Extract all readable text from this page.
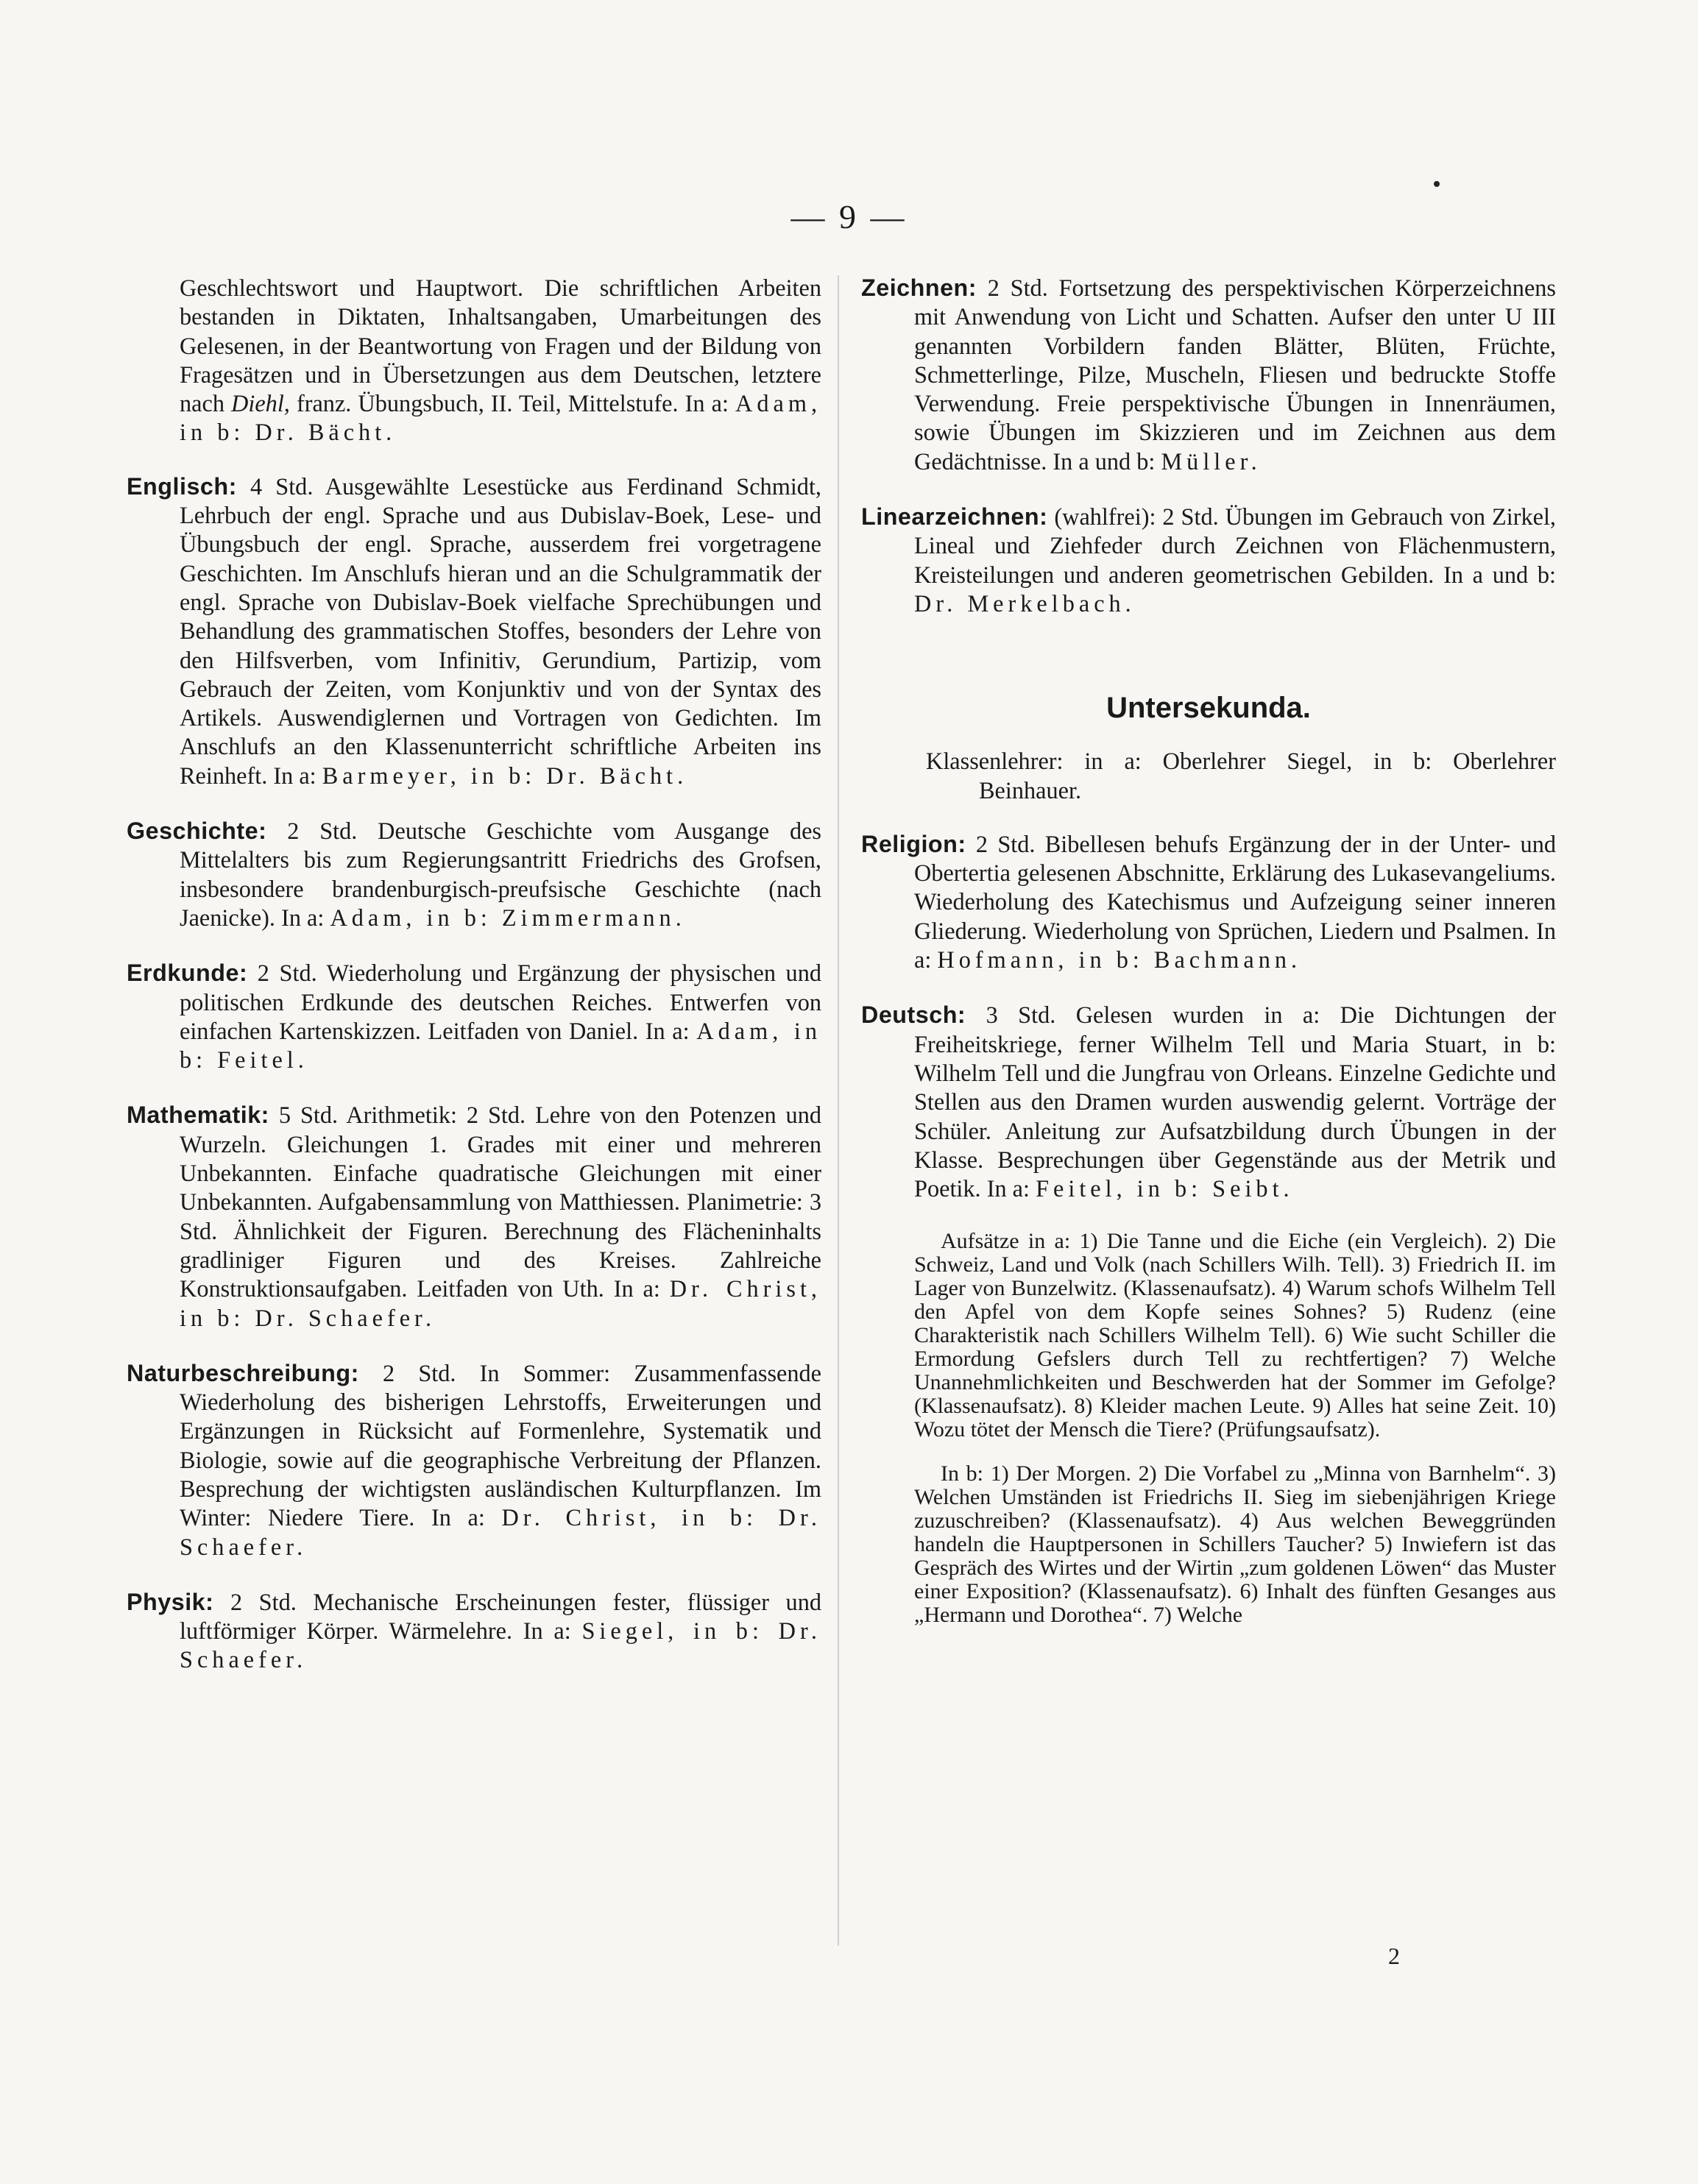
— 9 —

Geschlechtswort und Hauptwort. Die schriftlichen Arbeiten bestanden in Diktaten, Inhaltsangaben, Umarbeitungen des Gelesenen, in der Beantwortung von Fragen und der Bildung von Fragesätzen und in Übersetzungen aus dem Deutschen, letztere nach Diehl, franz. Übungsbuch, II. Teil, Mittelstufe. In a: Adam, in b: Dr. Bächt.

Englisch: 4 Std. Ausgewählte Lesestücke aus Ferdinand Schmidt, Lehrbuch der engl. Sprache und aus Dubislav-Boek, Lese- und Übungsbuch der engl. Sprache, ausserdem frei vorgetragene Geschichten. Im Anschlufs hieran und an die Schulgrammatik der engl. Sprache von Dubislav-Boek vielfache Sprechübungen und Behandlung des grammatischen Stoffes, besonders der Lehre von den Hilfsverben, vom Infinitiv, Gerundium, Partizip, vom Gebrauch der Zeiten, vom Konjunktiv und von der Syntax des Artikels. Auswendiglernen und Vortragen von Gedichten. Im Anschlufs an den Klassenunterricht schriftliche Arbeiten ins Reinheft. In a: Barmeyer, in b: Dr. Bächt.

Geschichte: 2 Std. Deutsche Geschichte vom Ausgange des Mittelalters bis zum Regierungsantritt Friedrichs des Grofsen, insbesondere brandenburgisch-preufsische Geschichte (nach Jaenicke). In a: Adam, in b: Zimmermann.

Erdkunde: 2 Std. Wiederholung und Ergänzung der physischen und politischen Erdkunde des deutschen Reiches. Entwerfen von einfachen Kartenskizzen. Leitfaden von Daniel. In a: Adam, in b: Feitel.

Mathematik: 5 Std. Arithmetik: 2 Std. Lehre von den Potenzen und Wurzeln. Gleichungen 1. Grades mit einer und mehreren Unbekannten. Einfache quadratische Gleichungen mit einer Unbekannten. Aufgabensammlung von Matthiessen. Planimetrie: 3 Std. Ähnlichkeit der Figuren. Berechnung des Flächeninhalts gradliniger Figuren und des Kreises. Zahlreiche Konstruktionsaufgaben. Leitfaden von Uth. In a: Dr. Christ, in b: Dr. Schaefer.

Naturbeschreibung: 2 Std. In Sommer: Zusammenfassende Wiederholung des bisherigen Lehrstoffs, Erweiterungen und Ergänzungen in Rücksicht auf Formenlehre, Systematik und Biologie, sowie auf die geographische Verbreitung der Pflanzen. Besprechung der wichtigsten ausländischen Kulturpflanzen. Im Winter: Niedere Tiere. In a: Dr. Christ, in b: Dr. Schaefer.

Physik: 2 Std. Mechanische Erscheinungen fester, flüssiger und luftförmiger Körper. Wärmelehre. In a: Siegel, in b: Dr. Schaefer.

Zeichnen: 2 Std. Fortsetzung des perspektivischen Körperzeichnens mit Anwendung von Licht und Schatten. Aufser den unter U III genannten Vorbildern fanden Blätter, Blüten, Früchte, Schmetterlinge, Pilze, Muscheln, Fliesen und bedruckte Stoffe Verwendung. Freie perspektivische Übungen in Innenräumen, sowie Übungen im Skizzieren und im Zeichnen aus dem Gedächtnisse. In a und b: Müller.

Linearzeichnen: (wahlfrei): 2 Std. Übungen im Gebrauch von Zirkel, Lineal und Ziehfeder durch Zeichnen von Flächenmustern, Kreisteilungen und anderen geometrischen Gebilden. In a und b: Dr. Merkelbach.

Untersekunda.

Klassenlehrer: in a: Oberlehrer Siegel, in b: Oberlehrer Beinhauer.

Religion: 2 Std. Bibellesen behufs Ergänzung der in der Unter- und Obertertia gelesenen Abschnitte, Erklärung des Lukasevangeliums. Wiederholung des Katechismus und Aufzeigung seiner inneren Gliederung. Wiederholung von Sprüchen, Liedern und Psalmen. In a: Hofmann, in b: Bachmann.

Deutsch: 3 Std. Gelesen wurden in a: Die Dichtungen der Freiheitskriege, ferner Wilhelm Tell und Maria Stuart, in b: Wilhelm Tell und die Jungfrau von Orleans. Einzelne Gedichte und Stellen aus den Dramen wurden auswendig gelernt. Vorträge der Schüler. Anleitung zur Aufsatzbildung durch Übungen in der Klasse. Besprechungen über Gegenstände aus der Metrik und Poetik. In a: Feitel, in b: Seibt.

Aufsätze in a: 1) Die Tanne und die Eiche (ein Vergleich). 2) Die Schweiz, Land und Volk (nach Schillers Wilh. Tell). 3) Friedrich II. im Lager von Bunzelwitz. (Klassenaufsatz). 4) Warum schofs Wilhelm Tell den Apfel von dem Kopfe seines Sohnes? 5) Rudenz (eine Charakteristik nach Schillers Wilhelm Tell). 6) Wie sucht Schiller die Ermordung Gefslers durch Tell zu rechtfertigen? 7) Welche Unannehmlichkeiten und Beschwerden hat der Sommer im Gefolge? (Klassenaufsatz). 8) Kleider machen Leute. 9) Alles hat seine Zeit. 10) Wozu tötet der Mensch die Tiere? (Prüfungsaufsatz).

In b: 1) Der Morgen. 2) Die Vorfabel zu „Minna von Barnhelm“. 3) Welchen Umständen ist Friedrichs II. Sieg im siebenjährigen Kriege zuzuschreiben? (Klassenaufsatz). 4) Aus welchen Beweggründen handeln die Hauptpersonen in Schillers Taucher? 5) Inwiefern ist das Gespräch des Wirtes und der Wirtin „zum goldenen Löwen“ das Muster einer Exposition? (Klassenaufsatz). 6) Inhalt des fünften Gesanges aus „Hermann und Dorothea“. 7) Welche

2
